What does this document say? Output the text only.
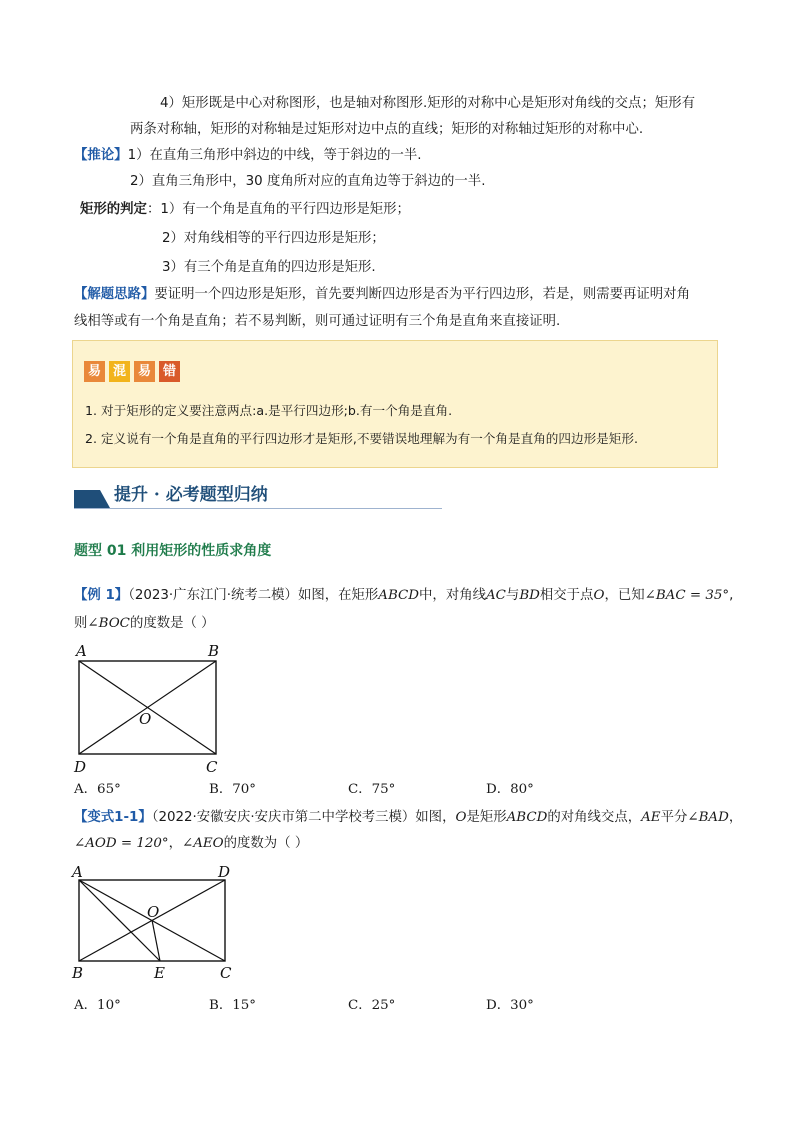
4）矩形既是中心对称图形，也是轴对称图形.矩形的对称中心是矩形对角线的交点；矩形有
两条对称轴，矩形的对称轴是过矩形对边中点的直线；矩形的对称轴过矩形的对称中心.
【推论】1）在直角三角形中斜边的中线，等于斜边的一半.
2）直角三角形中，30 度角所对应的直角边等于斜边的一半.
矩形的判定：1）有一个角是直角的平行四边形是矩形；
2）对角线相等的平行四边形是矩形；
3）有三个角是直角的四边形是矩形.
【解题思路】要证明一个四边形是矩形，首先要判断四边形是否为平行四边形，若是，则需要再证明对角
线相等或有一个角是直角；若不易判断，则可通过证明有三个角是直角来直接证明.
易 混 易 错
1. 对于矩形的定义要注意两点:a.是平行四边形;b.有一个角是直角.
2. 定义说有一个角是直角的平行四边形才是矩形,不要错误地理解为有一个角是直角的四边形是矩形.
提升 · 必考题型归纳
题型 01 利用矩形的性质求角度
【例 1】（2023·广东江门·统考二模）如图，在矩形ABCD中，对角线AC与BD相交于点O，已知∠BAC = 35°,
则∠BOC的度数是（ ）
A	B
C
D
O
A．65°	B．70°	C．75°	D．80°
【变式1-1】（2022·安徽安庆·安庆市第二中学校考三模）如图，O是矩形ABCD的对角线交点，AE平分∠BAD，
∠AOD = 120°，∠AEO的度数为（ ）
A	D
B	E	C
O
A．10°	B．15°	C．25°	D．30°
